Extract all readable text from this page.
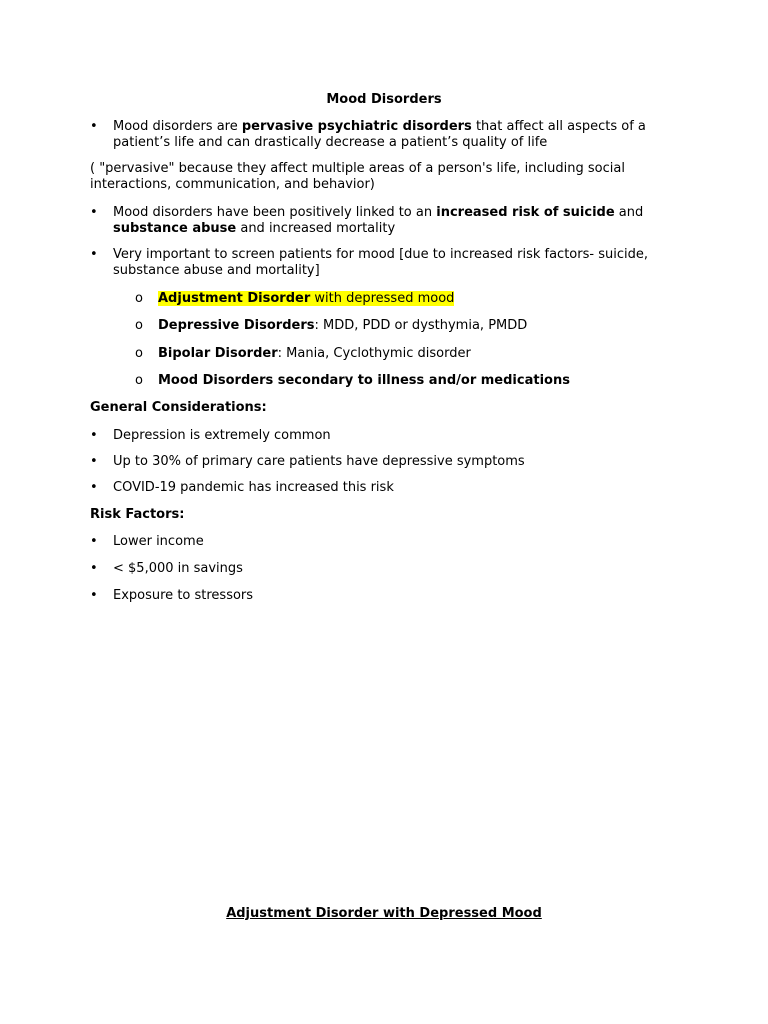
Mood Disorders
•	Mood disorders are pervasive psychiatric disorders that affect all aspects of a patient’s life and can drastically decrease a patient’s quality of life
( "pervasive" because they affect multiple areas of a person's life, including social interactions, communication, and behavior)
•	Mood disorders have been positively linked to an increased risk of suicide and substance abuse and increased mortality
•	Very important to screen patients for mood [due to increased risk factors- suicide, substance abuse and mortality]
o Adjustment Disorder with depressed mood
o Depressive Disorders: MDD, PDD or dysthymia, PMDD
o Bipolar Disorder: Mania, Cyclothymic disorder
o Mood Disorders secondary to illness and/or medications
General Considerations:
•	Depression is extremely common
•	Up to 30% of primary care patients have depressive symptoms
•	COVID-19 pandemic has increased this risk
Risk Factors:
•	Lower income
•	< $5,000 in savings
•	Exposure to stressors
Adjustment Disorder with Depressed Mood
